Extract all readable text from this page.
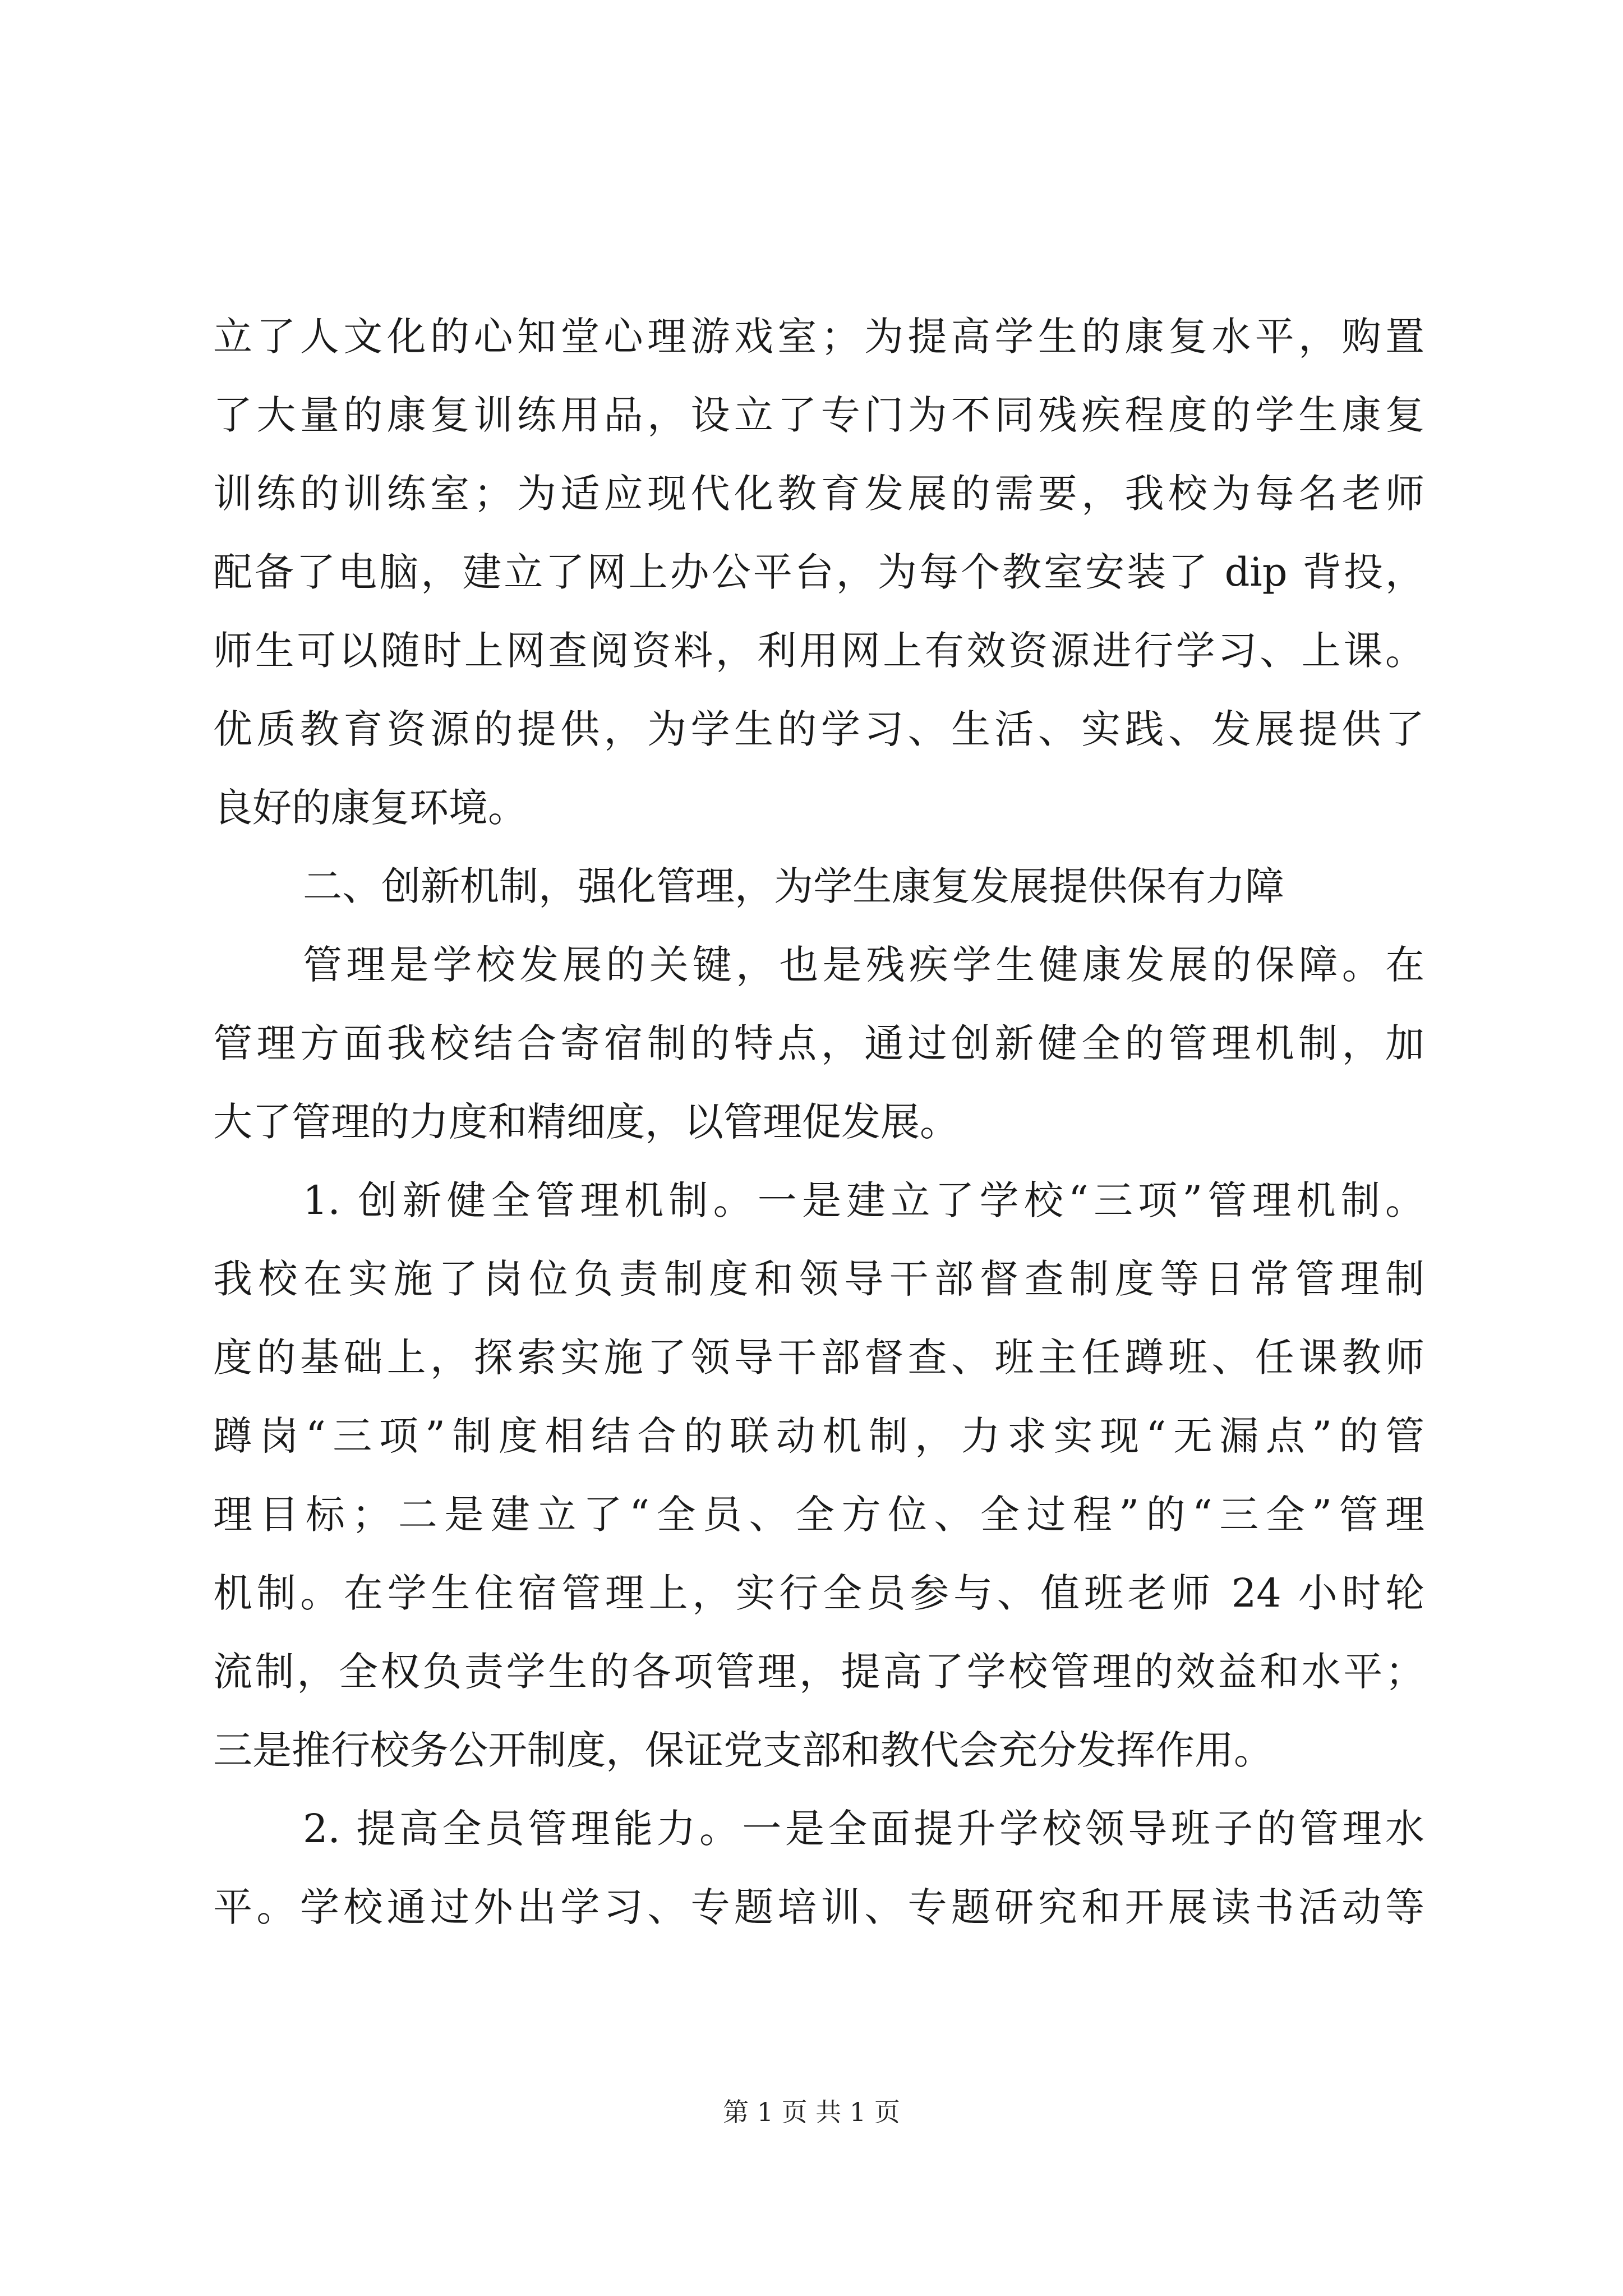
立了人文化的心知堂心理游戏室；为提高学生的康复水平，购置
了大量的康复训练用品，设立了专门为不同残疾程度的学生康复
训练的训练室；为适应现代化教育发展的需要，我校为每名老师
配备了电脑，建立了网上办公平台，为每个教室安装了 dip 背投，
师生可以随时上网查阅资料，利用网上有效资源进行学习、上课。
优质教育资源的提供，为学生的学习、生活、实践、发展提供了
良好的康复环境。
二、创新机制，强化管理，为学生康复发展提供保有力障
管理是学校发展的关键，也是残疾学生健康发展的保障。在
管理方面我校结合寄宿制的特点，通过创新健全的管理机制，加
大了管理的力度和精细度，以管理促发展。
1. 创新健全管理机制。一是建立了学校“三项”管理机制。
我校在实施了岗位负责制度和领导干部督查制度等日常管理制
度的基础上，探索实施了领导干部督查、班主任蹲班、任课教师
蹲岗“三项”制度相结合的联动机制，力求实现“无漏点”的管
理目标；二是建立了“全员、全方位、全过程”的“三全”管理
机制。在学生住宿管理上，实行全员参与、值班老师 24 小时轮
流制，全权负责学生的各项管理，提高了学校管理的效益和水平；
三是推行校务公开制度，保证党支部和教代会充分发挥作用。
2. 提高全员管理能力。一是全面提升学校领导班子的管理水
平。学校通过外出学习、专题培训、专题研究和开展读书活动等
第 1 页 共 1 页
